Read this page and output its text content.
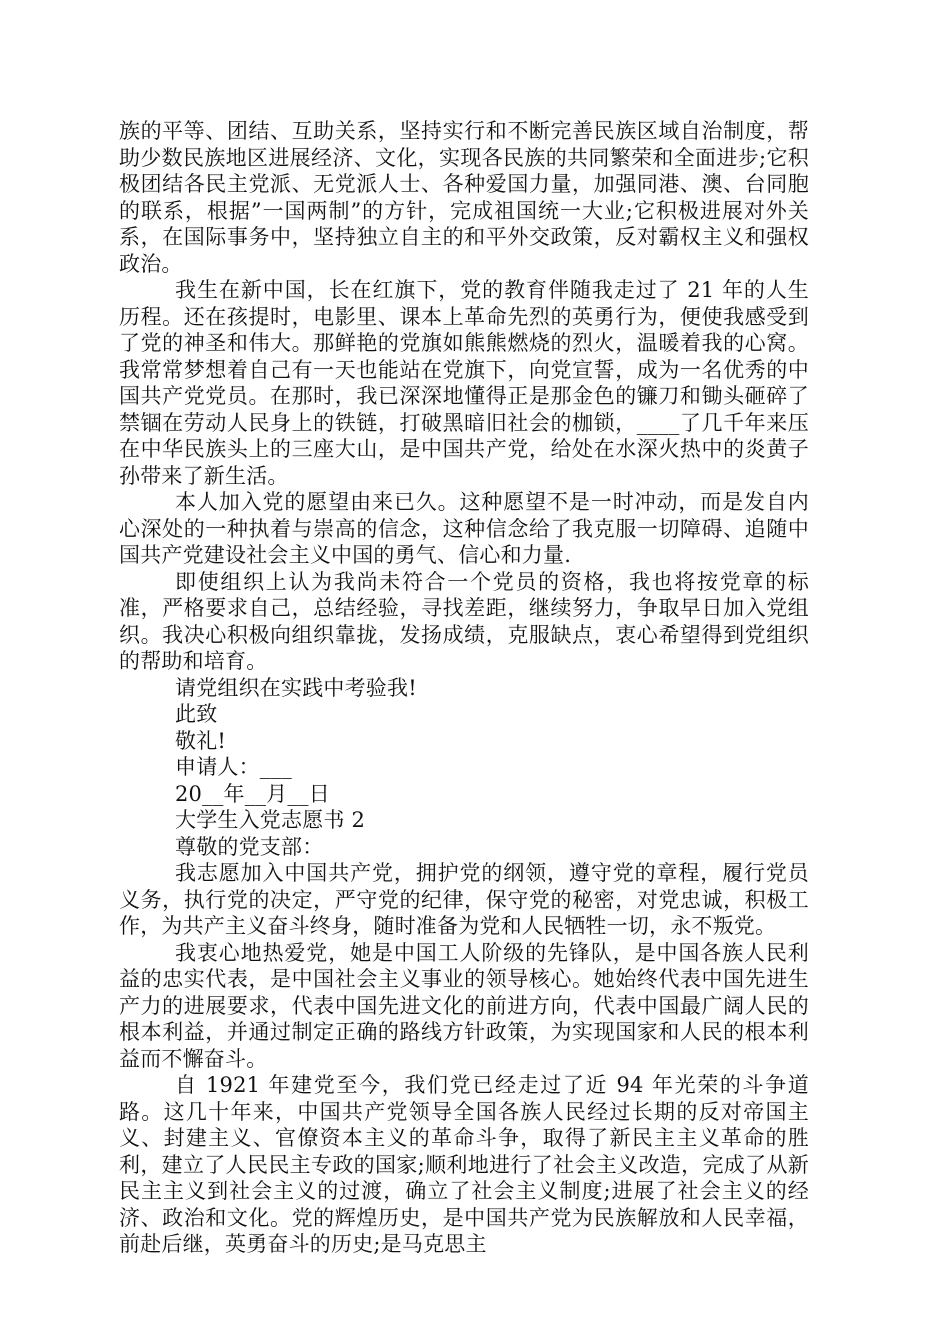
族的平等、团结、互助关系，坚持实行和不断完善民族区域自治制度，帮助少数民族地区进展经济、文化，实现各民族的共同繁荣和全面进步;它积极团结各民主党派、无党派人士、各种爱国力量，加强同港、澳、台同胞的联系，根据”一国两制”的方针，完成祖国统一大业;它积极进展对外关系，在国际事务中，坚持独立自主的和平外交政策，反对霸权主义和强权政治。

我生在新中国，长在红旗下，党的教育伴随我走过了 21 年的人生历程。还在孩提时，电影里、课本上革命先烈的英勇行为，便使我感受到了党的神圣和伟大。那鲜艳的党旗如熊熊燃烧的烈火，温暖着我的心窝。我常常梦想着自己有一天也能站在党旗下，向党宣誓，成为一名优秀的中国共产党党员。在那时，我已深深地懂得正是那金色的镰刀和锄头砸碎了禁锢在劳动人民身上的铁链，打破黑暗旧社会的枷锁，____了几千年来压在中华民族头上的三座大山，是中国共产党，给处在水深火热中的炎黄子孙带来了新生活。

本人加入党的愿望由来已久。这种愿望不是一时冲动，而是发自内心深处的一种执着与崇高的信念，这种信念给了我克服一切障碍、追随中国共产党建设社会主义中国的勇气、信心和力量.

即使组织上认为我尚未符合一个党员的资格，我也将按党章的标准，严格要求自己，总结经验，寻找差距，继续努力，争取早日加入党组织。我决心积极向组织靠拢，发扬成绩，克服缺点，衷心希望得到党组织的帮助和培育。

请党组织在实践中考验我!

此致

敬礼!

申请人：___

20__年__月__日

大学生入党志愿书 2

尊敬的党支部：

我志愿加入中国共产党，拥护党的纲领，遵守党的章程，履行党员义务，执行党的决定，严守党的纪律，保守党的秘密，对党忠诚，积极工作，为共产主义奋斗终身，随时准备为党和人民牺牲一切，永不叛党。

我衷心地热爱党，她是中国工人阶级的先锋队，是中国各族人民利益的忠实代表，是中国社会主义事业的领导核心。她始终代表中国先进生产力的进展要求，代表中国先进文化的前进方向，代表中国最广阔人民的根本利益，并通过制定正确的路线方针政策，为实现国家和人民的根本利益而不懈奋斗。

自 1921 年建党至今，我们党已经走过了近 94 年光荣的斗争道路。这几十年来，中国共产党领导全国各族人民经过长期的反对帝国主义、封建主义、官僚资本主义的革命斗争，取得了新民主主义革命的胜利，建立了人民民主专政的国家;顺利地进行了社会主义改造，完成了从新民主主义到社会主义的过渡，确立了社会主义制度;进展了社会主义的经济、政治和文化。党的辉煌历史，是中国共产党为民族解放和人民幸福，前赴后继，英勇奋斗的历史;是马克思主
